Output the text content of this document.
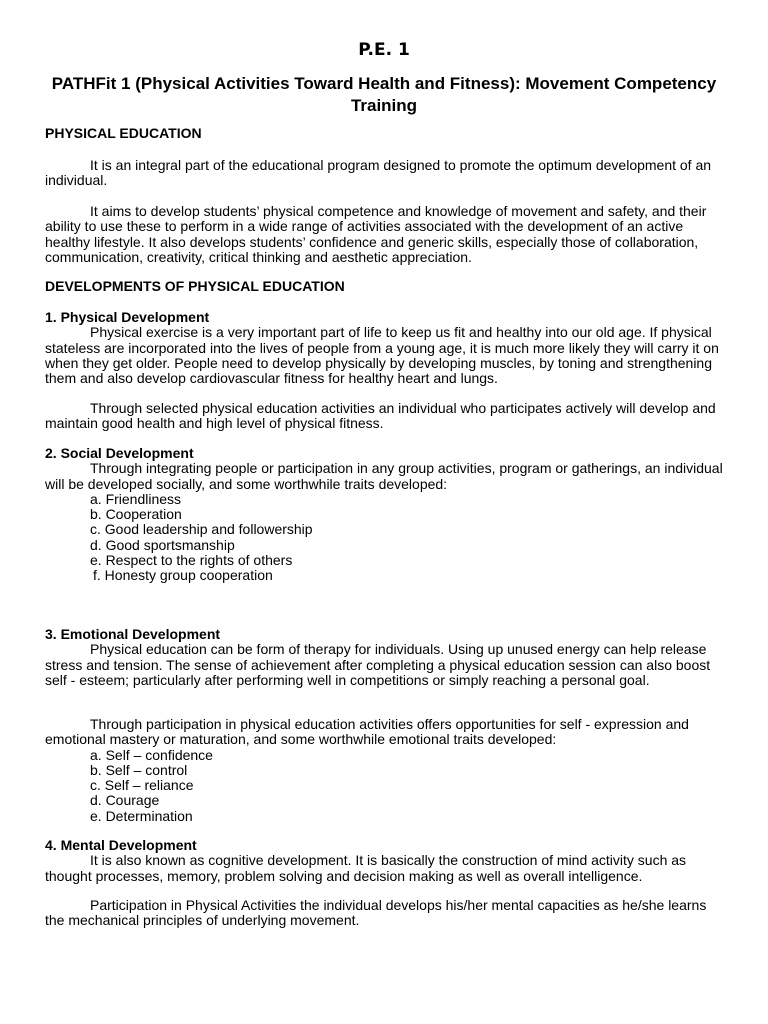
P.E. 1
PATHFit 1 (Physical Activities Toward Health and Fitness): Movement Competency Training
PHYSICAL EDUCATION

It is an integral part of the educational program designed to promote the optimum development of an individual.

It aims to develop students’ physical competence and knowledge of movement and safety, and their ability to use these to perform in a wide range of activities associated with the development of an active healthy lifestyle. It also develops students’ confidence and generic skills, especially those of collaboration, communication, creativity, critical thinking and aesthetic appreciation.

DEVELOPMENTS OF PHYSICAL EDUCATION

1. Physical Development

Physical exercise is a very important part of life to keep us fit and healthy into our old age. If physical stateless are incorporated into the lives of people from a young age, it is much more likely they will carry it on when they get older. People need to develop physically by developing muscles, by toning and strengthening them and also develop cardiovascular fitness for healthy heart and lungs.

Through selected physical education activities an individual who participates actively will develop and maintain good health and high level of physical fitness.

2. Social Development

Through integrating people or participation in any group activities, program or gatherings, an individual will be developed socially, and some worthwhile traits developed:

a. Friendliness
b. Cooperation
c. Good leadership and followership
d. Good sportsmanship
e. Respect to the rights of others
f. Honesty group cooperation

3. Emotional Development

Physical education can be form of therapy for individuals. Using up unused energy can help release stress and tension. The sense of achievement after completing a physical education session can also boost self - esteem; particularly after performing well in competitions or simply reaching a personal goal.

Through participation in physical education activities offers opportunities for self - expression and emotional mastery or maturation, and some worthwhile emotional traits developed:

a. Self – confidence
b. Self – control
c. Self – reliance
d. Courage
e. Determination

4. Mental Development

It is also known as cognitive development. It is basically the construction of mind activity such as thought processes, memory, problem solving and decision making as well as overall intelligence.

Participation in Physical Activities the individual develops his/her mental capacities as he/she learns the mechanical principles of underlying movement.
